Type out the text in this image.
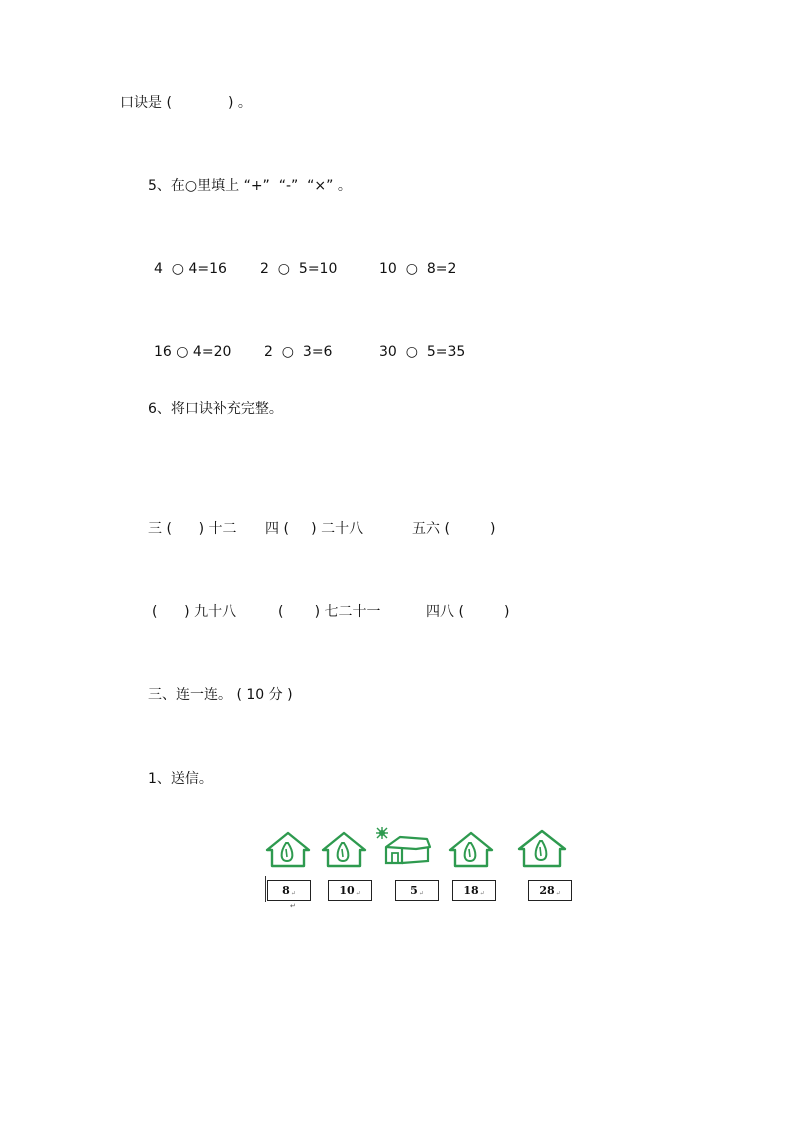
口诀是 (	) 。
5、在○里填上 “+”  “-”  “×” 。
4  ○ 4=16 2  ○  5=10	10  ○  8=2
16 ○ 4=20 2  ○  3=6	30  ○  5=35
6、将口诀补充完整。
三 (      ) 十二 四 (     ) 二十八	五六 (         )
(      ) 九十八	(       ) 七二十一	四八 (         )
三、连一连。 ( 10 分 )
1、送信。
↵
8 ↵	10 ↵	5 ↵	18 ↵	28 ↵
